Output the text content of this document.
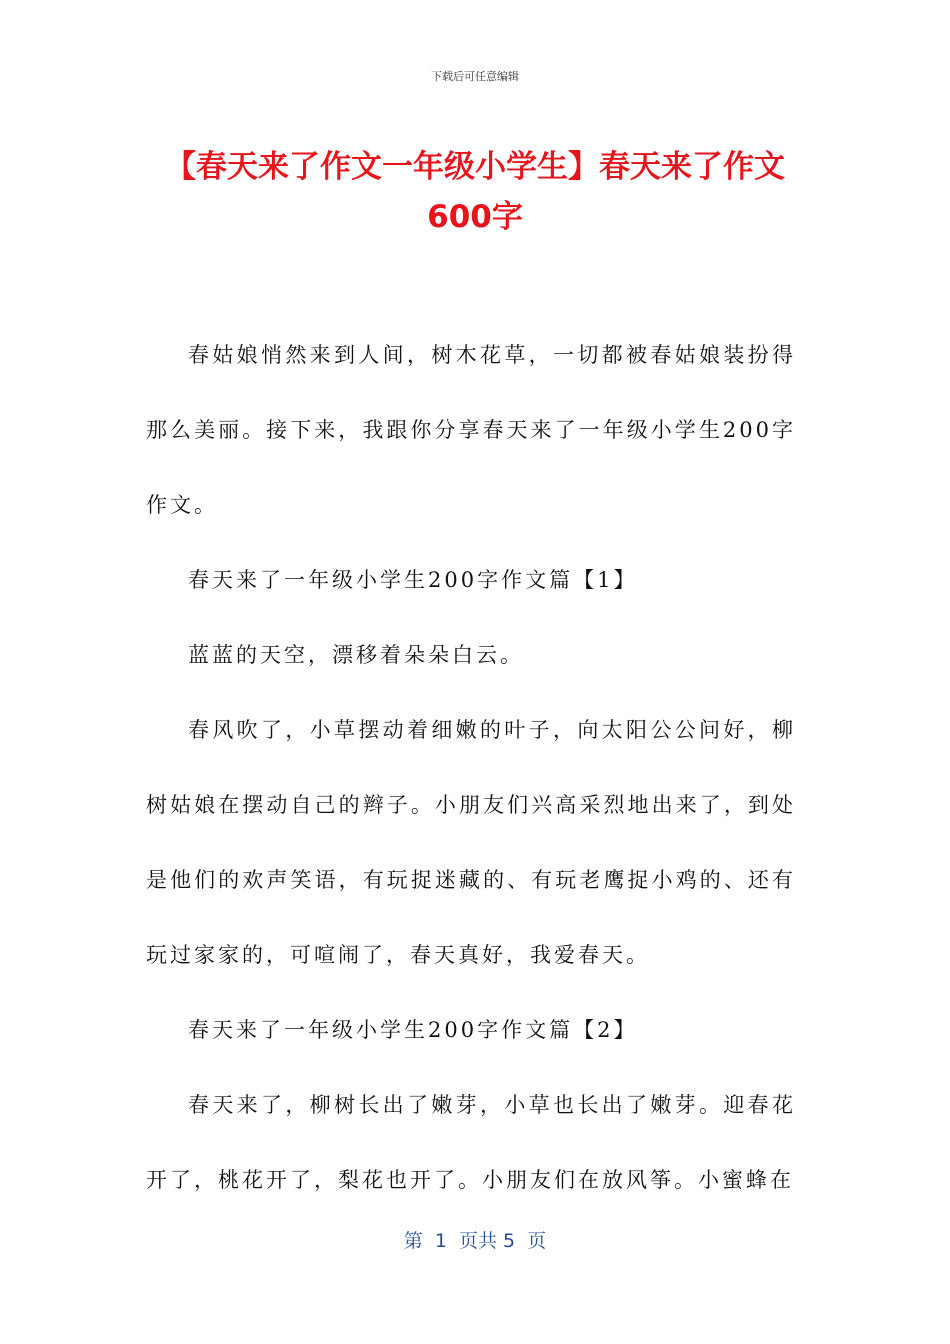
下载后可任意编辑
【春天来了作文一年级小学生】春天来了作文600字

春姑娘悄然来到人间，树木花草，一切都被春姑娘装扮得那么美丽。接下来，我跟你分享春天来了一年级小学生200字作文。

春天来了一年级小学生200字作文篇【1】

蓝蓝的天空，漂移着朵朵白云。

春风吹了，小草摆动着细嫩的叶子，向太阳公公问好，柳树姑娘在摆动自己的辫子。小朋友们兴高采烈地出来了，到处是他们的欢声笑语，有玩捉迷藏的、有玩老鹰捉小鸡的、还有玩过家家的，可喧闹了，春天真好，我爱春天。

春天来了一年级小学生200字作文篇【2】

春天来了，柳树长出了嫩芽，小草也长出了嫩芽。迎春花开了，桃花开了，梨花也开了。小朋友们在放风筝。小蜜蜂在

第  1  页共 5  页
